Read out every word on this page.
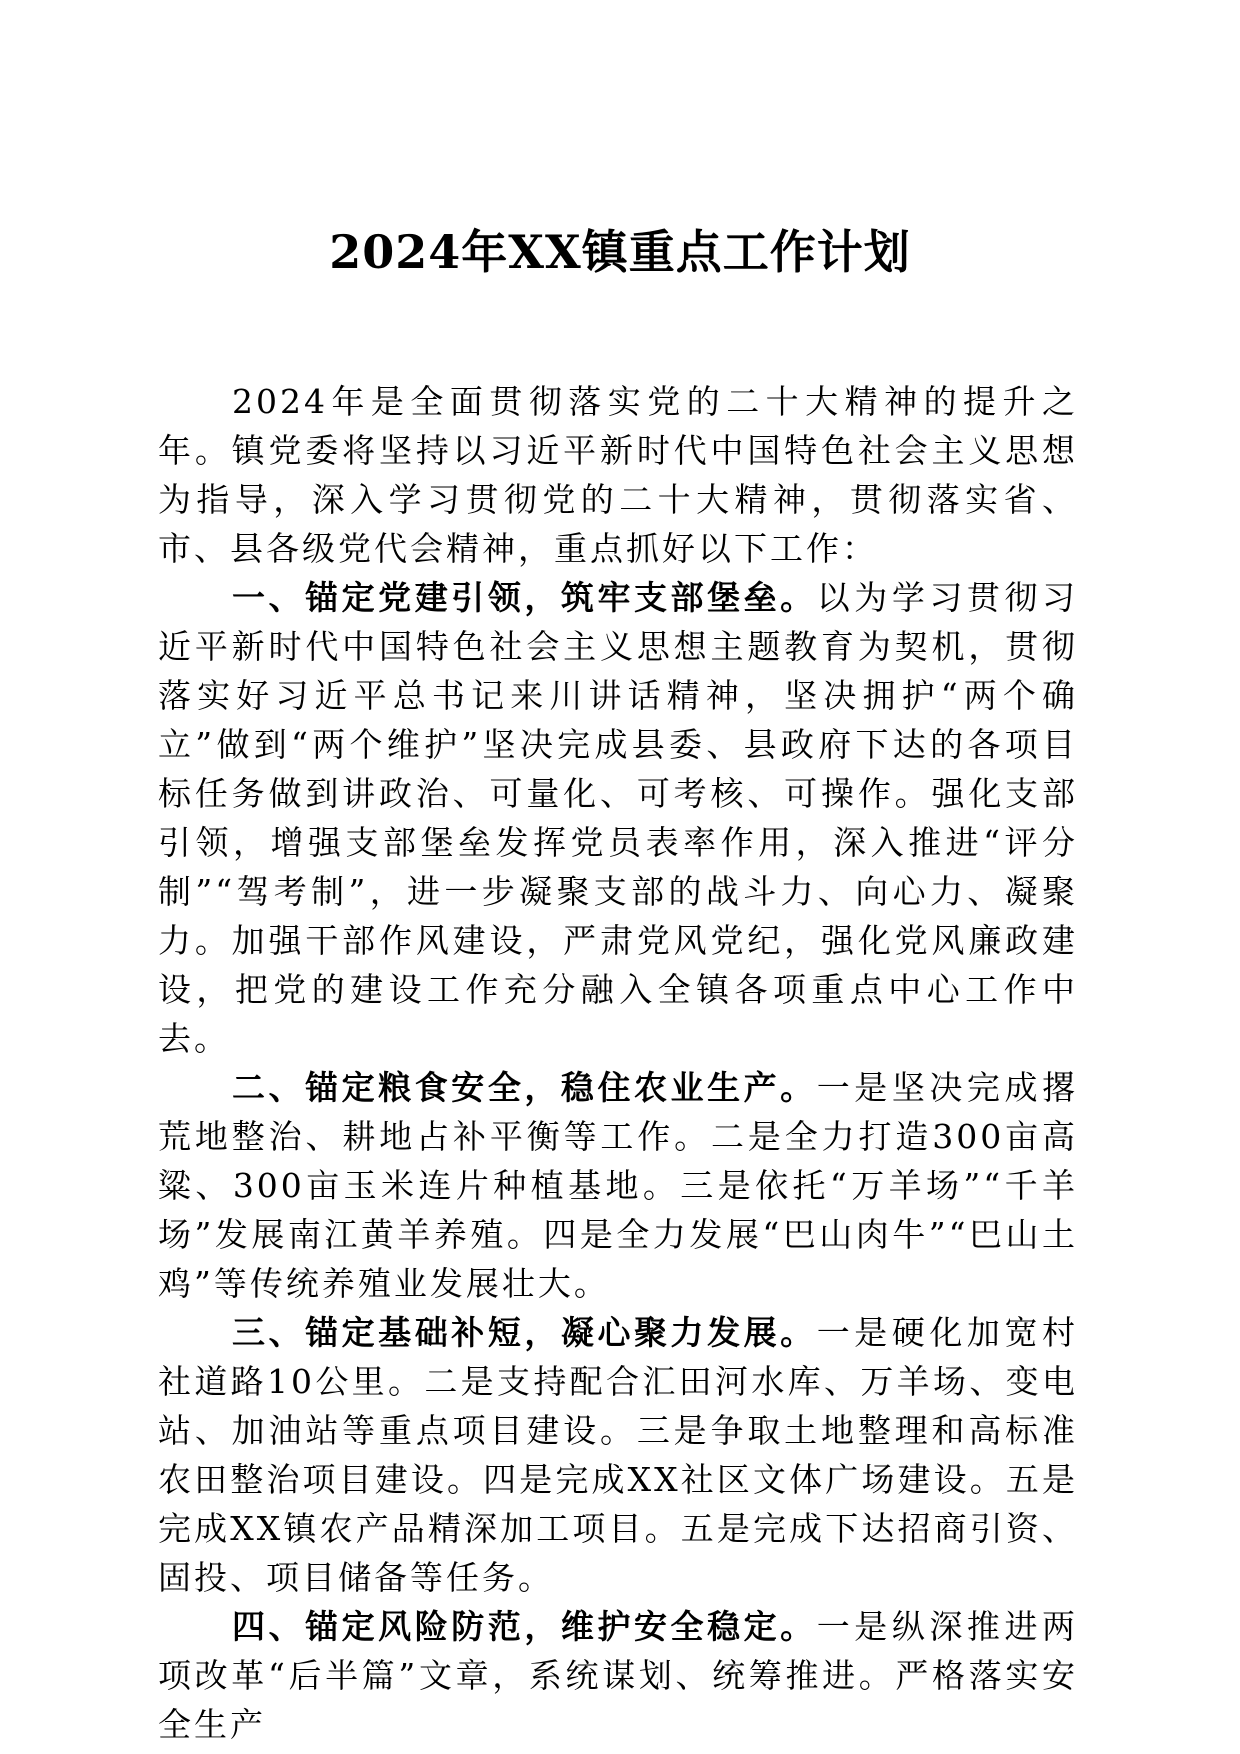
2024年XX镇重点工作计划

2024年是全面贯彻落实党的二十大精神的提升之年。镇党委将坚持以习近平新时代中国特色社会主义思想为指导，深入学习贯彻党的二十大精神，贯彻落实省、市、县各级党代会精神，重点抓好以下工作：

一、锚定党建引领，筑牢支部堡垒。以为学习贯彻习近平新时代中国特色社会主义思想主题教育为契机，贯彻落实好习近平总书记来川讲话精神，坚决拥护“两个确立”做到“两个维护”坚决完成县委、县政府下达的各项目标任务做到讲政治、可量化、可考核、可操作。强化支部引领，增强支部堡垒发挥党员表率作用，深入推进“评分制”“驾考制”，进一步凝聚支部的战斗力、向心力、凝聚力。加强干部作风建设，严肃党风党纪，强化党风廉政建设，把党的建设工作充分融入全镇各项重点中心工作中去。

二、锚定粮食安全，稳住农业生产。一是坚决完成撂荒地整治、耕地占补平衡等工作。二是全力打造300亩高粱、300亩玉米连片种植基地。三是依托“万羊场”“千羊场”发展南江黄羊养殖。四是全力发展“巴山肉牛”“巴山土鸡”等传统养殖业发展壮大。

三、锚定基础补短，凝心聚力发展。一是硬化加宽村社道路10公里。二是支持配合汇田河水库、万羊场、变电站、加油站等重点项目建设。三是争取土地整理和高标准农田整治项目建设。四是完成XX社区文体广场建设。五是完成XX镇农产品精深加工项目。五是完成下达招商引资、固投、项目储备等任务。

四、锚定风险防范，维护安全稳定。一是纵深推进两项改革“后半篇”文章，系统谋划、统筹推进。严格落实安全生产
